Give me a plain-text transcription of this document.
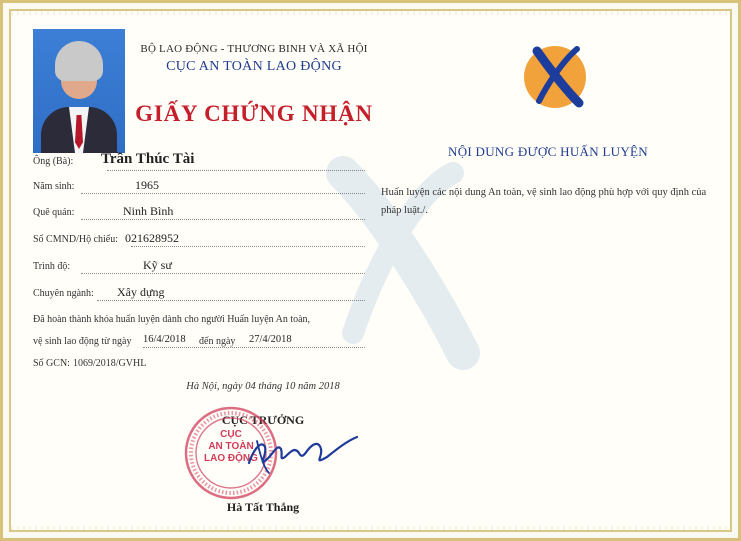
BỘ LAO ĐỘNG - THƯƠNG BINH VÀ XÃ HỘI
CỤC AN TOÀN LAO ĐỘNG
GIẤY CHỨNG NHẬN
Ông (Bà): Trần Thúc Tài
Năm sinh:	1965
Quê quán:	Ninh Bình
Số CMND/Hộ chiếu: 021628952
Trình độ:	Kỹ sư
Chuyên ngành: Xây dựng
Đã hoàn thành khóa huấn luyện dành cho người Huấn luyện An toàn,
vệ sinh lao động từ ngày 16/4/2018 đến ngày 27/4/2018
Số GCN: 1069/2018/GVHL
Hà Nội, ngày 04 tháng 10 năm 2018
CỤC TRƯỞNG
CỤC
AN TOÀN
LAO ĐỘNG
Hà Tất Thắng
NỘI DUNG ĐƯỢC HUẤN LUYỆN
Huấn luyện các nội dung An toàn, vệ sinh lao động phù hợp với quy định của pháp luật./.
